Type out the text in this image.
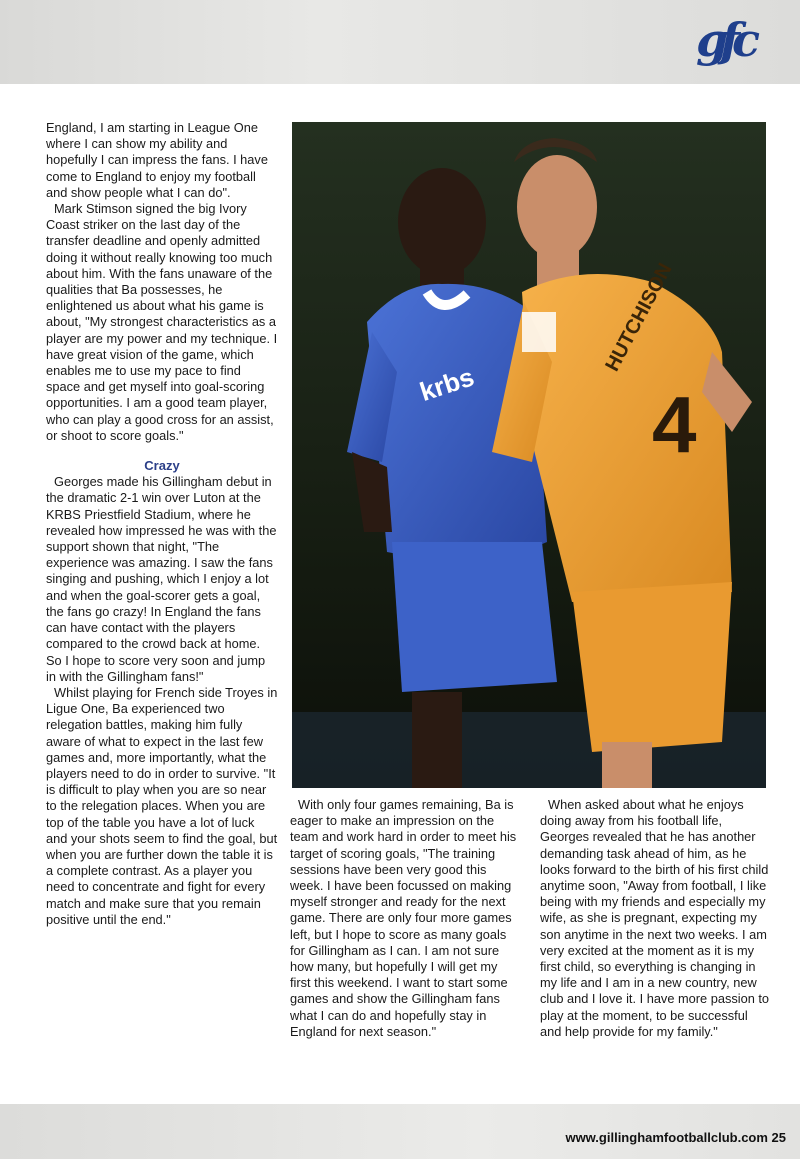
gfc

England, I am starting in League One where I can show my ability and hopefully I can impress the fans. I have come to England to enjoy my football and show people what I can do".

Mark Stimson signed the big Ivory Coast striker on the last day of the transfer deadline and openly admitted doing it without really knowing too much about him. With the fans unaware of the qualities that Ba possesses, he enlightened us about what his game is about, "My strongest characteristics as a player are my power and my technique. I have great vision of the game, which enables me to use my pace to find space and get myself into goal-scoring opportunities. I am a good team player, who can play a good cross for an assist, or shoot to score goals."

Crazy

Georges made his Gillingham debut in the dramatic 2-1 win over Luton at the KRBS Priestfield Stadium, where he revealed how impressed he was with the support shown that night, "The experience was amazing. I saw the fans singing and pushing, which I enjoy a lot and when the goal-scorer gets a goal, the fans go crazy! In England the fans can have contact with the players compared to the crowd back at home. So I hope to score very soon and jump in with the Gillingham fans!"

Whilst playing for French side Troyes in Ligue One, Ba experienced two relegation battles, making him fully aware of what to expect in the last few games and, more importantly, what the players need to do in order to survive. "It is difficult to play when you are so near to the relegation places. When you are top of the table you have a lot of luck and your shots seem to find the goal, but when you are further down the table it is a complete contrast. As a player you need to concentrate and fight for every match and make sure that you remain positive until the end."

krbs
HUTCHISON
4

With only four games remaining, Ba is eager to make an impression on the team and work hard in order to meet his target of scoring goals, "The training sessions have been very good this week. I have been focussed on making myself stronger and ready for the next game. There are only four more games left, but I hope to score as many goals for Gillingham as I can. I am not sure how many, but hopefully I will get my first this weekend. I want to start some games and show the Gillingham fans what I can do and hopefully stay in England for next season."

When asked about what he enjoys doing away from his football life, Georges revealed that he has another demanding task ahead of him, as he looks forward to the birth of his first child anytime soon, "Away from football, I like being with my friends and especially my wife, as she is pregnant, expecting my son anytime in the next two weeks. I am very excited at the moment as it is my first child, so everything is changing in my life and I am in a new country, new club and I love it. I have more passion to play at the moment, to be successful and help provide for my family."

www.gillinghamfootballclub.com 25
